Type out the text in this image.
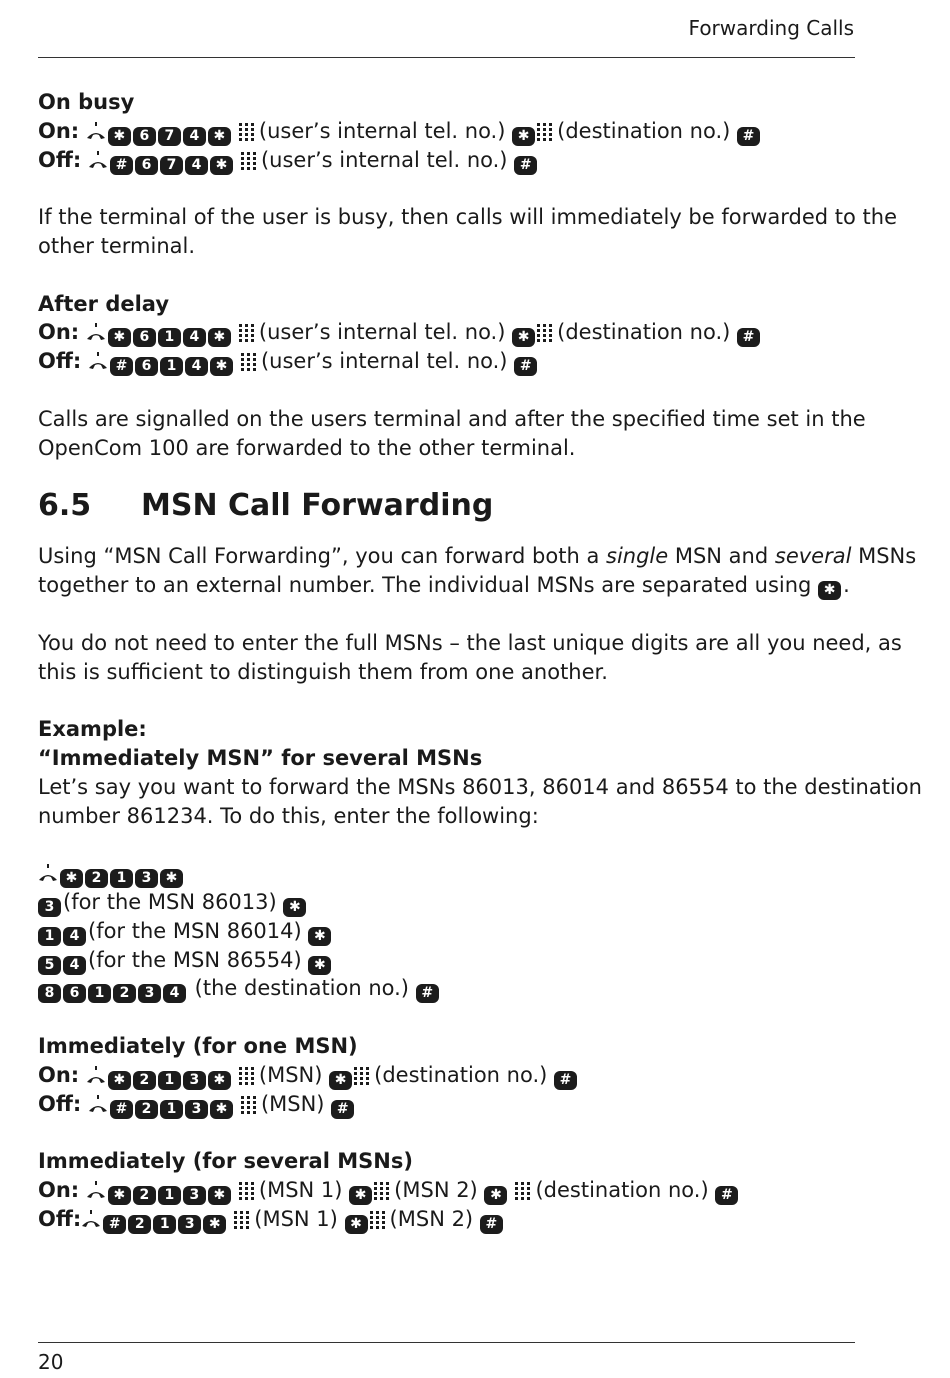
Forwarding Calls
On busy
On: ✱	6 7 4 ✱	(user’s internal tel. no.) ✱ (destination no.) #
Off: #	6 7 4 ✱	(user’s internal tel. no.) #
If the terminal of the user is busy, then calls will immediately be forwarded to the
other terminal.
After delay
On: ✱	6 1 4 ✱	(user’s internal tel. no.) ✱ (destination no.) #
Off: #	6 1 4 ✱	(user’s internal tel. no.) #
Calls are signalled on the users terminal and after the specified time set in the
OpenCom 100 are forwarded to the other terminal.
6.5 MSN Call Forwarding
Using “MSN Call Forwarding”, you can forward both a single MSN and several MSNs
together to an external number. The individual MSNs are separated using ✱ .
You do not need to enter the full MSNs – the last unique digits are all you need, as
this is sufficient to distinguish them from one another.
Example:
“Immediately MSN” for several MSNs
Let’s say you want to forward the MSNs 86013, 86014 and 86554 to the destination
number 861234. To do this, enter the following:
✱2 1 3✱
3(for the MSN 86013) ✱
14(for the MSN 86014) ✱
54(for the MSN 86554) ✱
8 6 1 2 3 4 (the destination no.) #
Immediately (for one MSN)
On: ✱ 2 1 3 ✱	(MSN) ✱ (destination no.) #
Off: # 2 1 3 ✱	(MSN) #
Immediately (for several MSNs)
On: ✱ 2 1 3 ✱	(MSN 1) ✱ (MSN 2) ✱	(destination no.) #
Off: # 2 1 3 ✱	(MSN 1) ✱ (MSN 2) #
20
